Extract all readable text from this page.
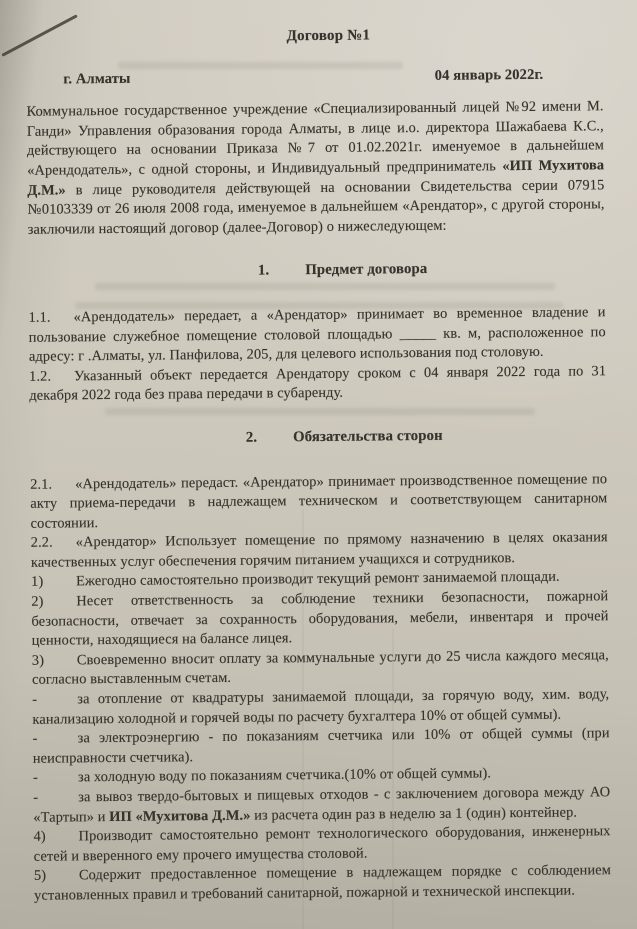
Договор №1
г. Алматы	04 январь 2022г.

Коммунальное государственное учреждение «Специализированный лицей №92 имени М. Ганди» Управления образования города Алматы, в лице и.о. директора Шажабаева К.С., действующего на основании Приказа №7 от 01.02.2021г. именуемое в дальнейшем «Арендодатель», с одной стороны, и Индивидуальный предприниматель «ИП Мухитова Д.М.» в лице руководителя действующей на основании Свидетельства серии 07915 №0103339 от 26 июля 2008 года, именуемое в дальнейшем «Арендатор», с другой стороны, заключили настоящий договор (далее-Договор) о нижеследующем:

1. Предмет договора

1.1. «Арендодатель» передает, а «Арендатор» принимает во временное владение и пользование служебное помещение столовой площадью _____ кв. м, расположенное по адресу: г .Алматы, ул. Панфилова, 205, для целевого использования под столовую.

1.2. Указанный объект передается Арендатору сроком с 04 января 2022 года по 31 декабря 2022 года без права передачи в субаренду.

2. Обязательства сторон

2.1. «Арендодатель» передаст. «Арендатор» принимает производственное помещение по акту приема-передачи в надлежащем техническом и соответствующем санитарном состоянии.

2.2. «Арендатор» Использует помещение по прямому назначению в целях оказания качественных услуг обеспечения горячим питанием учащихся и сотрудников.

1) Ежегодно самостоятельно производит текущий ремонт занимаемой площади.

2) Несет ответственность за соблюдение техники безопасности, пожарной безопасности, отвечает за сохранность оборудования, мебели, инвентаря и прочей ценности, находящиеся на балансе лицея.

3) Своевременно вносит оплату за коммунальные услуги до 25 числа каждого месяца, согласно выставленным счетам.

-	за отопление от квадратуры занимаемой площади, за горячую воду, хим. воду, канализацию холодной и горячей воды по расчету бухгалтера 10% от общей суммы).

-	за электроэнергию - по показаниям счетчика или 10% от общей суммы (при неисправности счетчика).

-	за холодную воду по показаниям счетчика.(10% от общей суммы).

-	за вывоз твердо-бытовых и пищевых отходов - с заключением договора между АО «Тартып» и ИП «Мухитова Д.М.» из расчета один раз в неделю за 1 (один) контейнер.

4) Производит самостоятельно ремонт технологического оборудования, инженерных сетей и вверенного ему прочего имущества столовой.

5) Содержит предоставленное помещение в надлежащем порядке с соблюдением установленных правил и требований санитарной, пожарной и технической инспекции.
